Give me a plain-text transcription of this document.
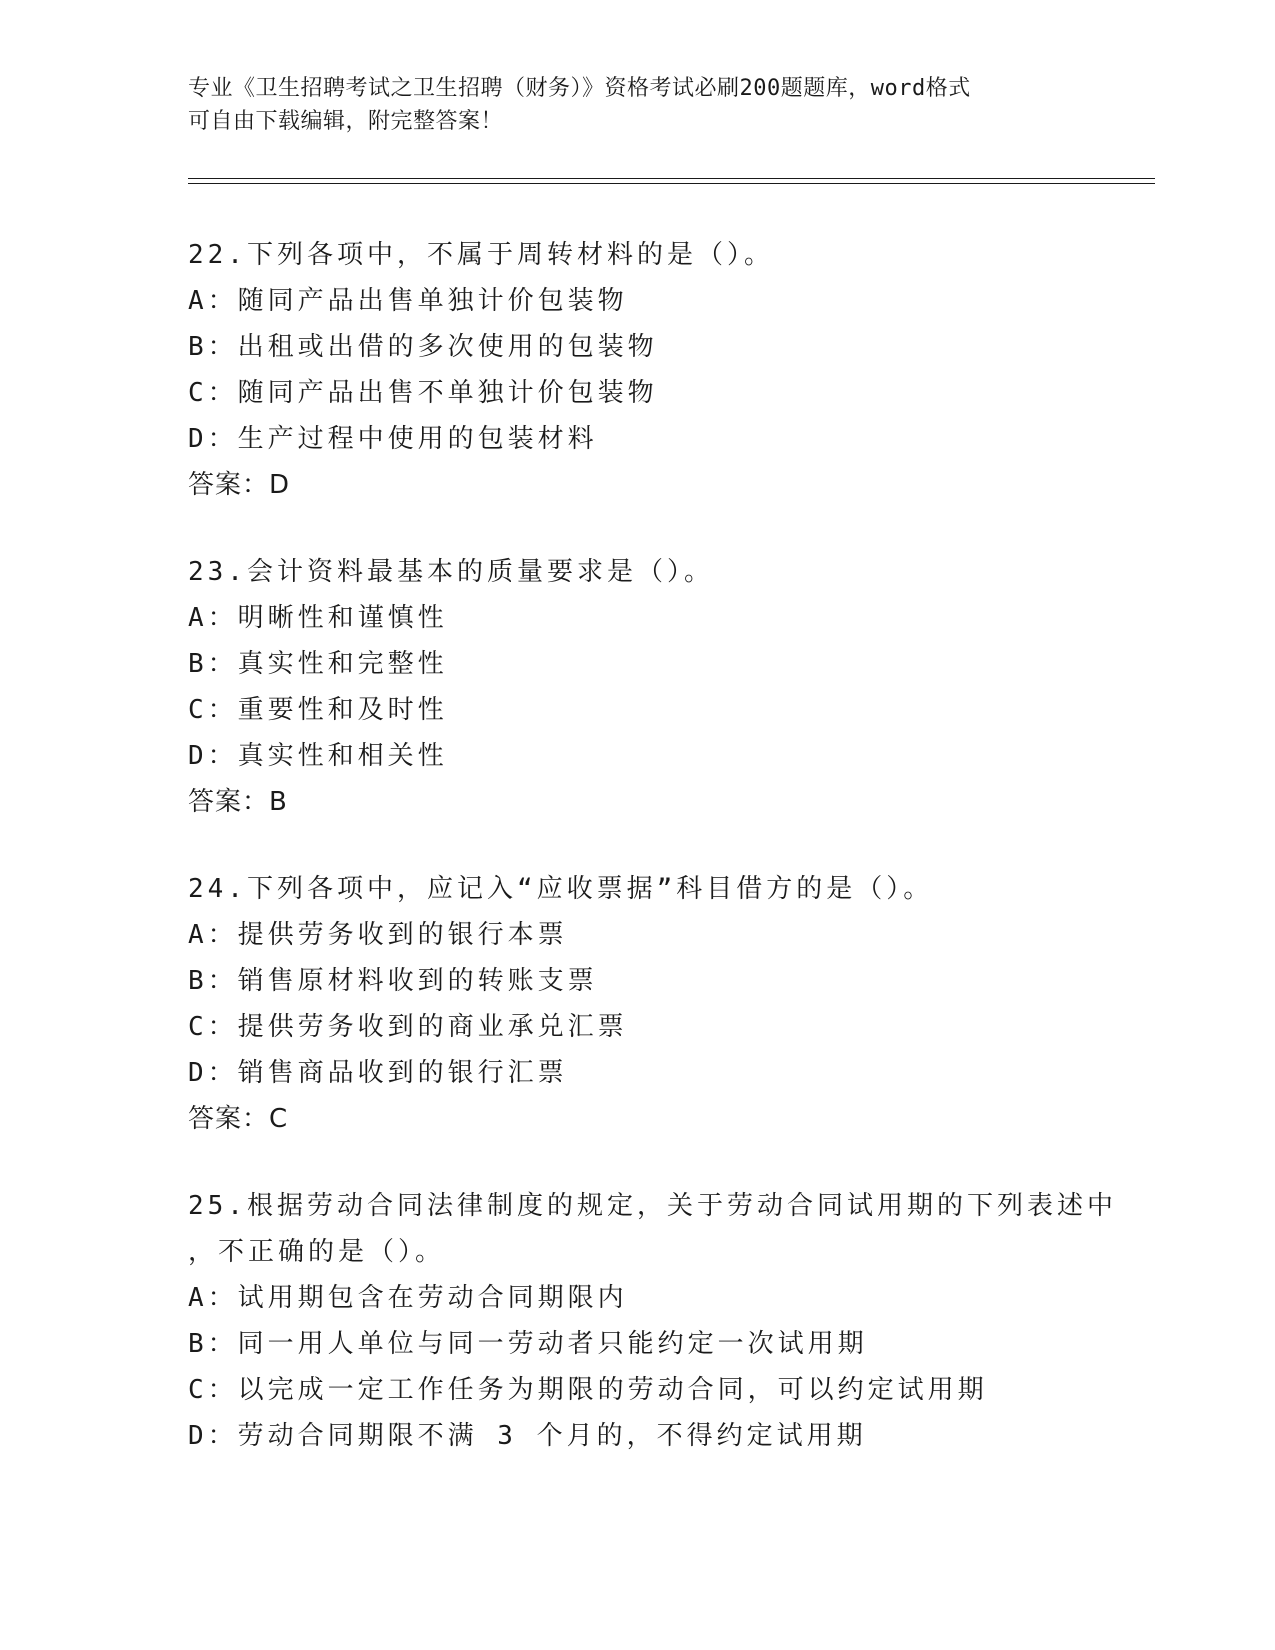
专业《卫生招聘考试之卫生招聘（财务）》资格考试必刷200题题库，word格式
可自由下载编辑，附完整答案！
22.下列各项中，不属于周转材料的是（）。
A：随同产品出售单独计价包装物
B：出租或出借的多次使用的包装物
C：随同产品出售不单独计价包装物
D：生产过程中使用的包装材料
答案：D
23.会计资料最基本的质量要求是（）。
A：明晰性和谨慎性
B：真实性和完整性
C：重要性和及时性
D：真实性和相关性
答案：B
24.下列各项中，应记入“应收票据”科目借方的是（）。
A：提供劳务收到的银行本票
B：销售原材料收到的转账支票
C：提供劳务收到的商业承兑汇票
D：销售商品收到的银行汇票
答案：C
25.根据劳动合同法律制度的规定，关于劳动合同试用期的下列表述中
，不正确的是（）。
A：试用期包含在劳动合同期限内
B：同一用人单位与同一劳动者只能约定一次试用期
C：以完成一定工作任务为期限的劳动合同，可以约定试用期
D：劳动合同期限不满 3 个月的，不得约定试用期
